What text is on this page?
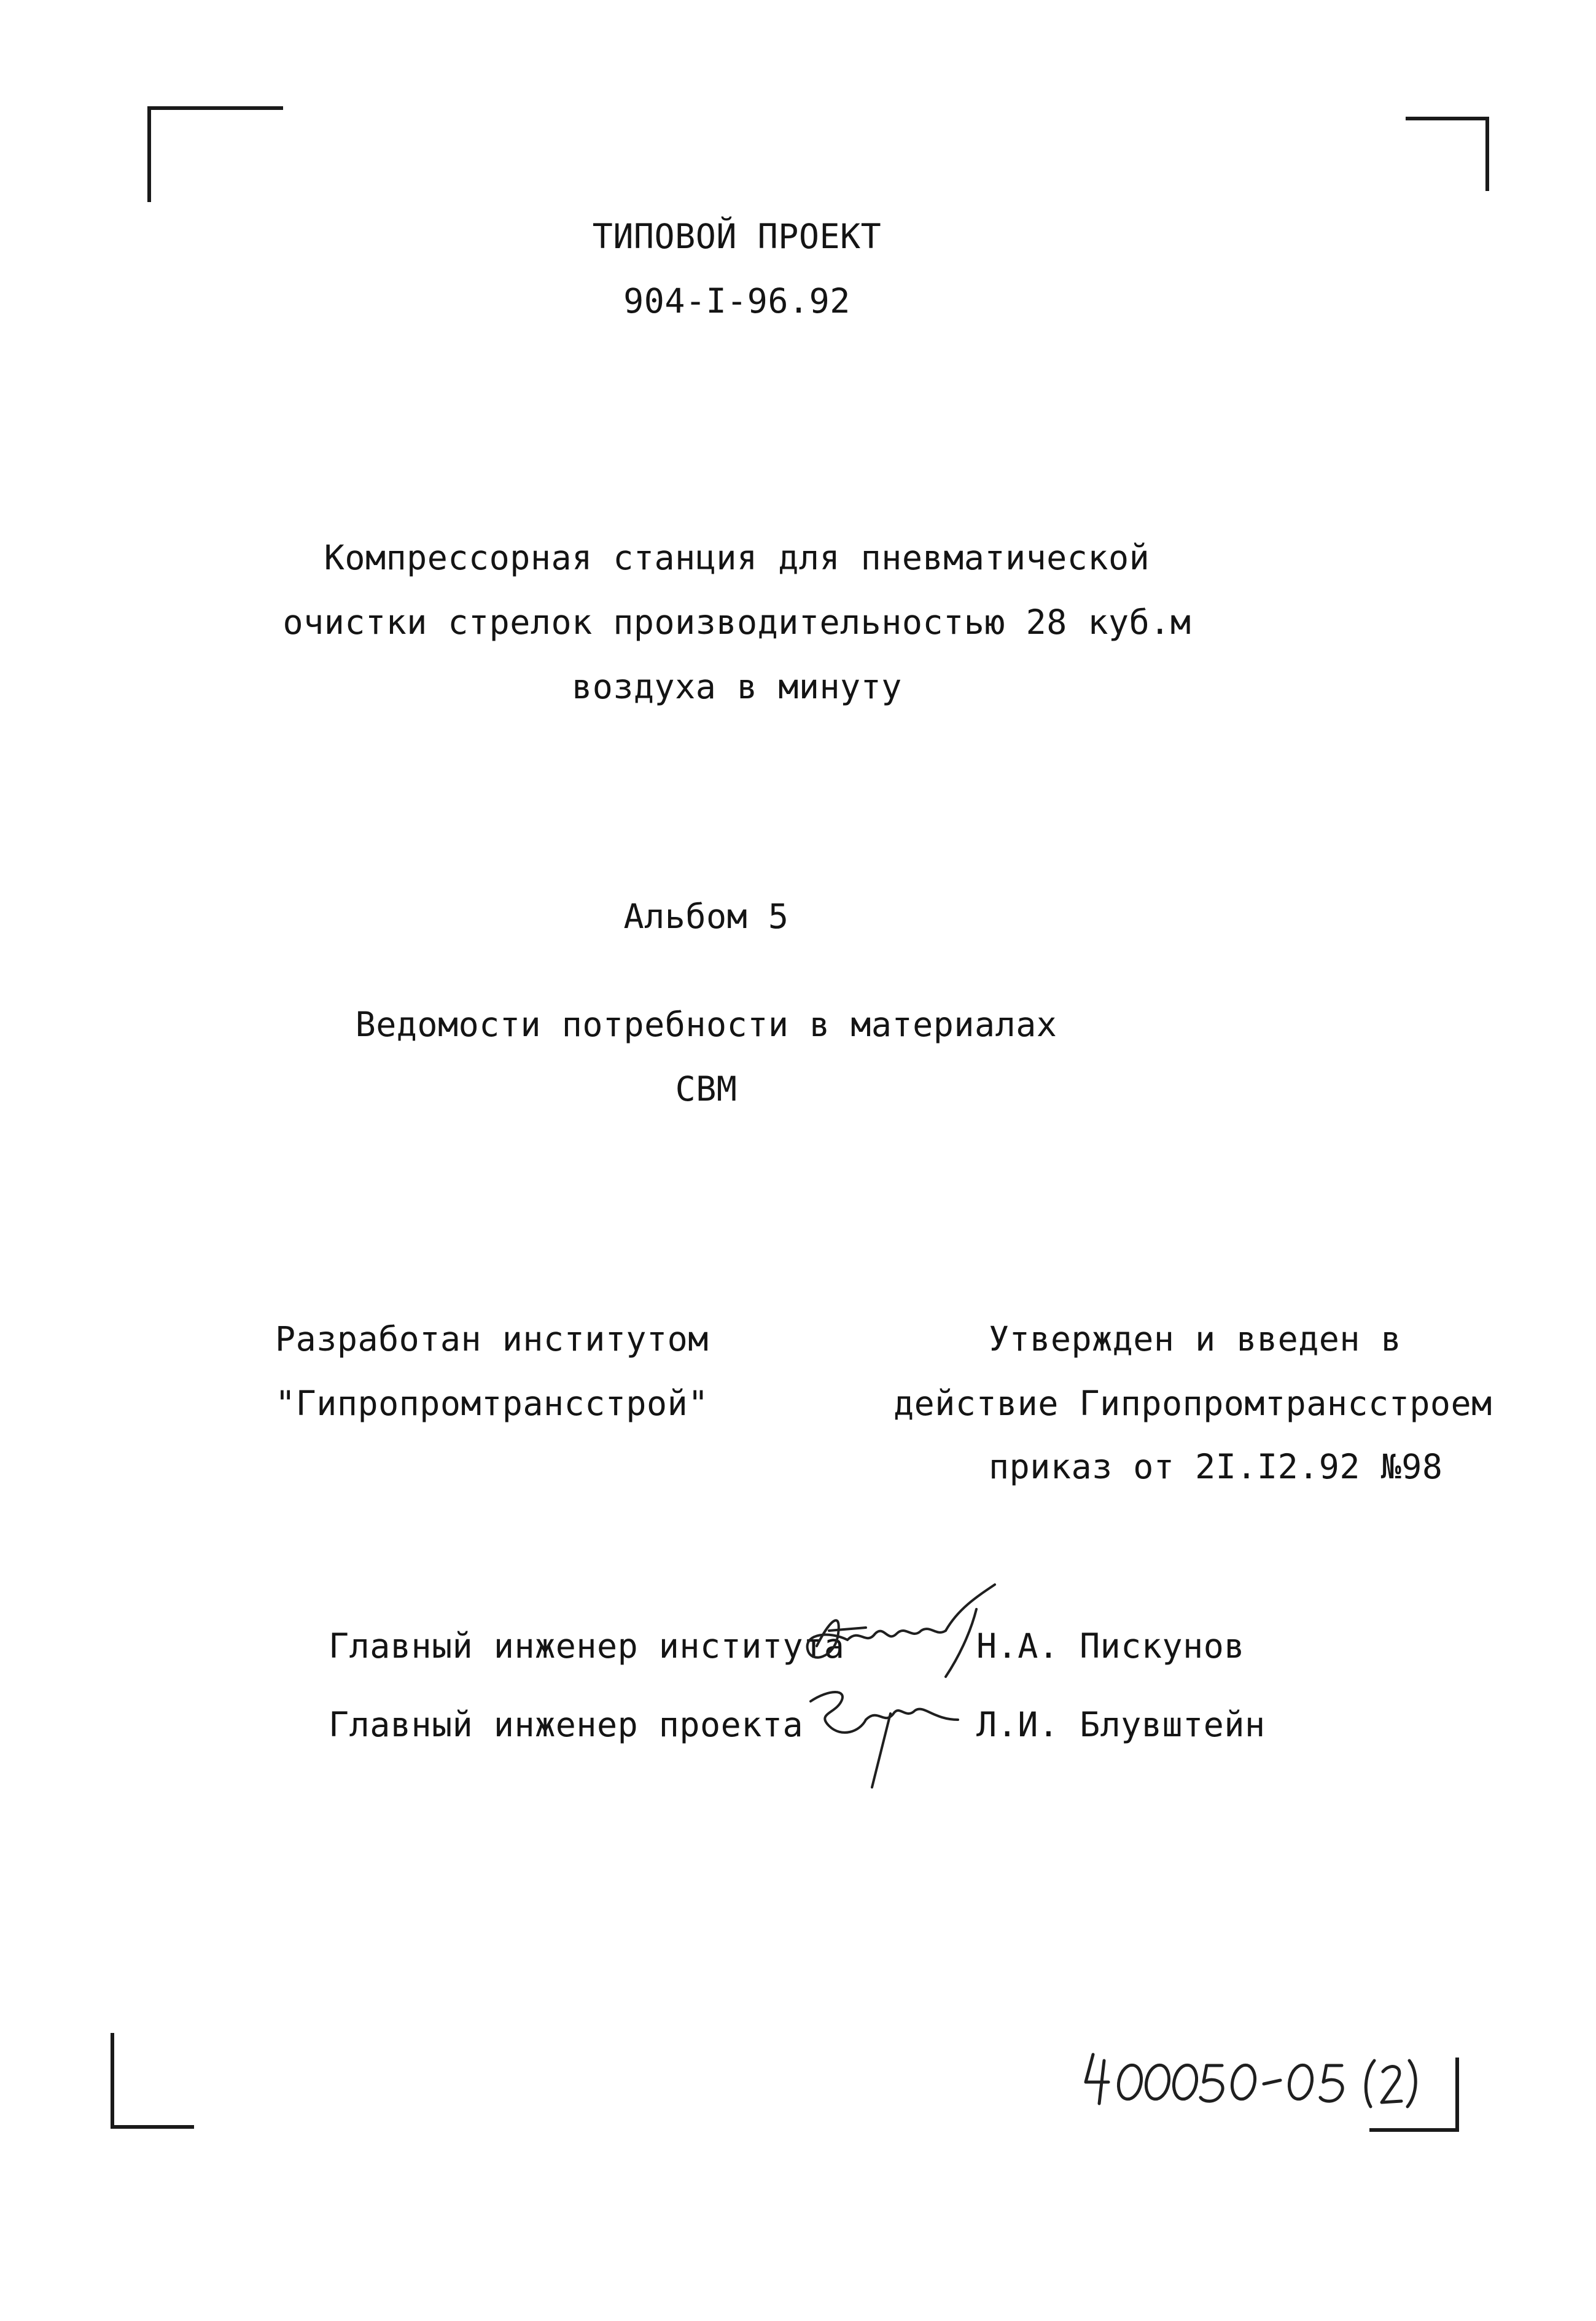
ТИПОВОЙ ПРОЕКТ
904-I-96.92
Компрессорная станция для пневматической
очистки стрелок производительностью 28 куб.м
воздуха в минуту
Альбом 5
Ведомости потребности в материалах
СВМ
Разработан институтом
"Гипропромтрансстрой"
Утвержден и введен в
действие Гипропромтрансстроем
приказ от 2I.I2.92 №98
Главный инженер института	Н.А. Пискунов
Главный инженер проекта	Л.И. Блувштейн
